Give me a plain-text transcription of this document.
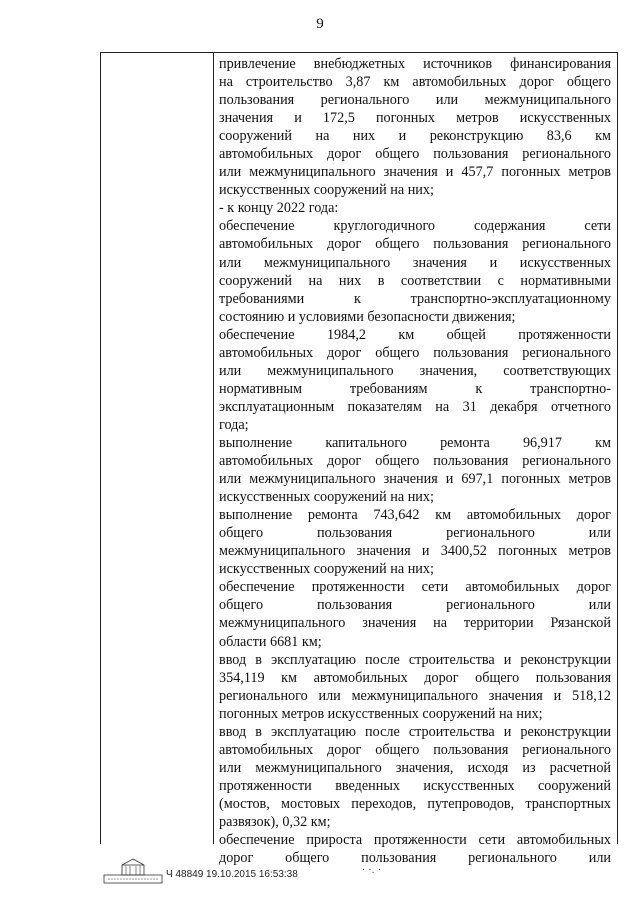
9
привлечение внебюджетных источников финансирования
на строительство 3,87 км автомобильных дорог общего
пользования регионального или межмуниципального
значения и 172,5 погонных метров искусственных
сооружений на них и реконструкцию 83,6 км
автомобильных дорог общего пользования регионального
или межмуниципального значения и 457,7 погонных метров
искусственных сооружений на них;
- к концу 2022 года:
обеспечение круглогодичного содержания сети
автомобильных дорог общего пользования регионального
или межмуниципального значения и искусственных
сооружений на них в соответствии с нормативными
требованиями к транспортно-эксплуатационному
состоянию и условиями безопасности движения;
обеспечение 1984,2 км общей протяженности
автомобильных дорог общего пользования регионального
или межмуниципального значения, соответствующих
нормативным требованиям к транспортно-
эксплуатационным показателям на 31 декабря отчетного
года;
выполнение капитального ремонта 96,917 км
автомобильных дорог общего пользования регионального
или межмуниципального значения и 697,1 погонных метров
искусственных сооружений на них;
выполнение ремонта 743,642 км автомобильных дорог
общего пользования регионального или
межмуниципального значения и 3400,52 погонных метров
искусственных сооружений на них;
обеспечение протяженности сети автомобильных дорог
общего пользования регионального или
межмуниципального значения на территории Рязанской
области 6681 км;
ввод в эксплуатацию после строительства и реконструкции
354,119 км автомобильных дорог общего пользования
регионального или межмуниципального значения и 518,12
погонных метров искусственных сооружений на них;
ввод в эксплуатацию после строительства и реконструкции
автомобильных дорог общего пользования регионального
или межмуниципального значения, исходя из расчетной
протяженности введенных искусственных сооружений
(мостов, мостовых переходов, путепроводов, транспортных
развязок), 0,32 км;
обеспечение прироста протяженности сети автомобильных
дорог общего пользования регионального или
Ч 48849 19.10.2015 16:53:38	· ·. ·
